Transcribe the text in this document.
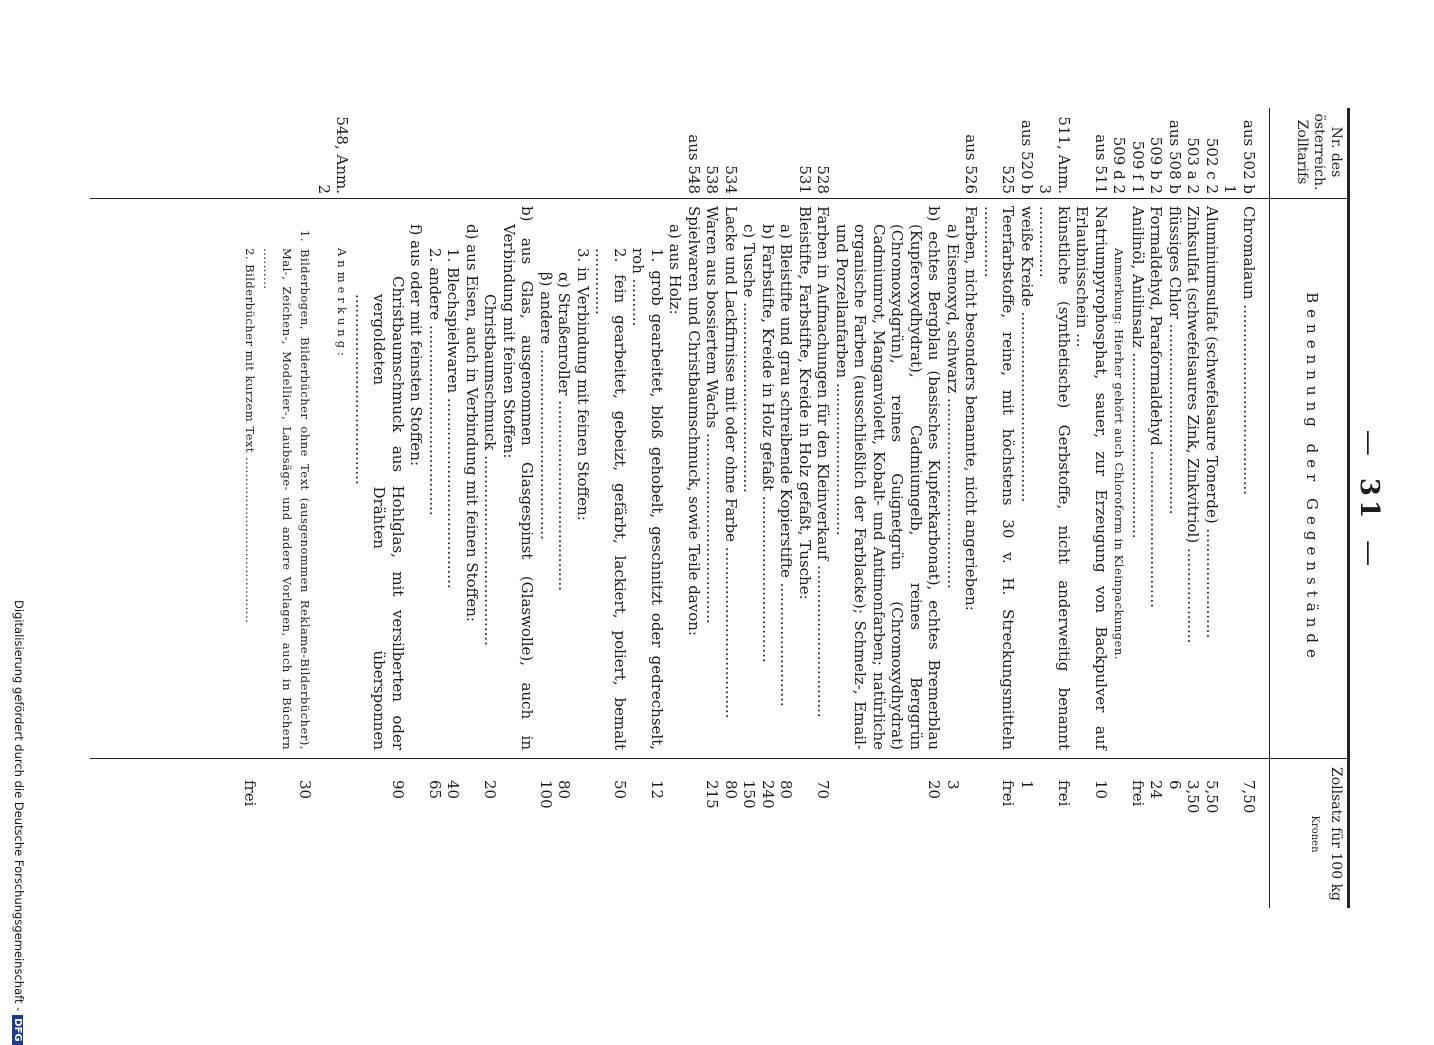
—31—
Nr. des österreich. Zolltarifs
Benennung der Gegenstände
Zollsatz für 100 kg
Kronen
aus 502 b 1
Chromalaun ........................................
7,50
502 c 2
Aluminiumsulfat (schwefelsaure Tonerde) .......................
5,50
503 a 2
Zinksulfat (schwefelsaures Zink, Zinkvitriol) ....................
3,50
aus 508 b
flüssiges Chlor ........................................
6
509 b 2
Formaldehyd, Paraformaldehyd .................................
24
509 f 1
Anilinöl, Anilinsalz .......................................
frei
509 d 2
Anmerkung: Hierher gehört auch Chloroform in Kleinpackungen.
aus 511
Natriumpyrophosphat, sauer, zur Erzeugung von Backpulver auf Erlaubnisschein ...
10
511, Anm. 3
künstliche (synthetische) Gerbstoffe, nicht anderweitig benannt ...............
frei
aus 520 b
weiße Kreide ........................................
1
525
Teerfarbstoffe, reine, mit höchstens 30 v. H. Streckungsmitteln ...............
frei
aus 526
Farben, nicht besonders benannte, nicht angerieben:
a) Eisenoxyd, schwarz ........................................
3
b) echtes Bergblau (basisches Kupferkarbonat), echtes Bremerblau (Kupferoxydhydrat), Cadmiumgelb, reines Berggrün (Chromoxydgrün), reines Guignetgrün (Chromoxydhydrat) Cadmiumrot, Manganviolett, Kobalt- und Antimonfarben; natürliche organische Farben (ausschließlich der Farblacke); Schmelz-, Email- und Porzellanfarben ................................
20
528
Farben in Aufmachungen für den Kleinverkauf ................................
70
531
Bleistifte, Farbstifte, Kreide in Holz gefaßt, Tusche:
a) Bleistifte und grau schreibende Kopierstifte ..........................
80
b) Farbstifte, Kreide in Holz gefaßt ...................................
240
c) Tusche ........................................
150
534
Lacke und Lackfirnisse mit oder ohne Farbe ....................................
80
538
Waren aus bossiertem Wachs ........................................
215
aus 548
Spielwaren und Christbaumschmuck, sowie Teile davon:
a) aus Holz:
1. grob gearbeitet, bloß gehobelt, geschnitzt oder gedrechselt, roh ..........
12
2. fein gearbeitet, gebeizt, gefärbt, lackiert, poliert, bemalt ..............
50
3. in Verbindung mit feinen Stoffen:
α) Straßenroller ........................................
80
β) andere ........................................
100
b) aus Glas, ausgenommen Glasgespinst (Glaswolle), auch in Verbindung mit feinen Stoffen:
Christbaumschmuck ........................................
20
d) aus Eisen, auch in Verbindung mit feinen Stoffen:
1. Blechspielwaren ........................................
40
2. andere ........................................
65
f) aus oder mit feinsten Stoffen:
Christbaumschmuck aus Hohlglas, mit versilberten oder vergoldeten Drähten übersponnen ........................................
90
548, Anm. 2
Anmerkung:
1. Bilderbogen, Bilderbücher ohne Text (ausgenommen Reklame-Bilderbücher), Mal-, Zeichen-, Modellier-, Laubsäge- und andere Vorlagen, auch in Büchern ..........
30
2. Bilderbücher mit kurzem Text ........................................
frei
Digitalisierung gefördert durch die Deutsche Forschungsgemeinschaft -DFG
